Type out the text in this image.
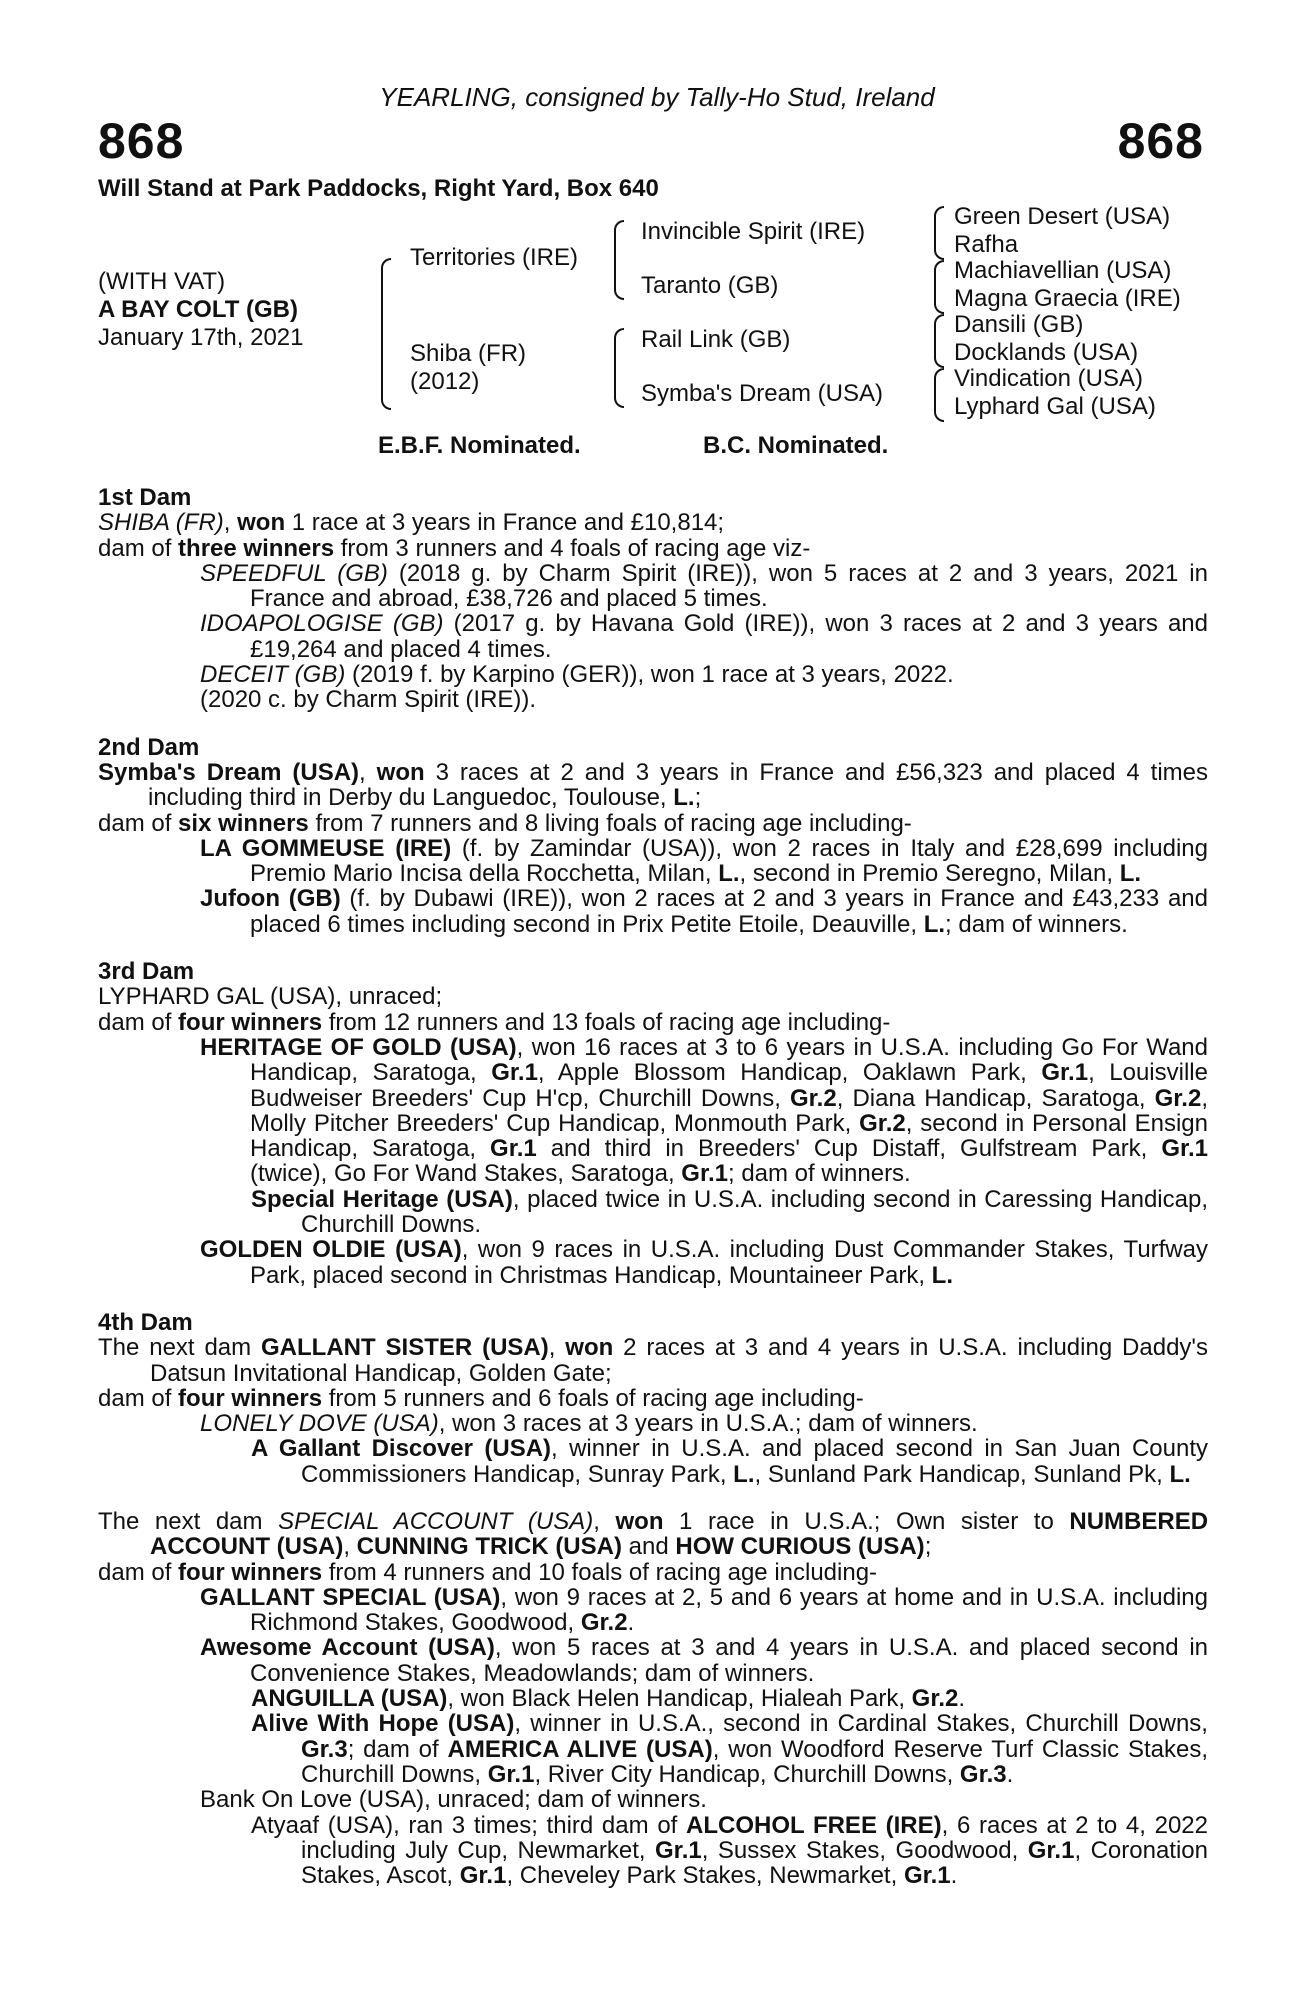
YEARLING, consigned by Tally-Ho Stud, Ireland
868	868
Will Stand at Park Paddocks, Right Yard, Box 640
(WITH VAT)
A BAY COLT (GB)
January 17th, 2021
Territories (IRE)
Shiba (FR)
(2012)
Invincible Spirit (IRE)
Taranto (GB)
Rail Link (GB)
Symba's Dream (USA)
Green Desert (USA)
Rafha
Machiavellian (USA)
Magna Graecia (IRE)
Dansili (GB)
Docklands (USA)
Vindication (USA)
Lyphard Gal (USA)
E.B.F. Nominated.	B.C. Nominated.

1st Dam

SHIBA (FR), won 1 race at 3 years in France and £10,814;

dam of three winners from 3 runners and 4 foals of racing age viz-

SPEEDFUL (GB) (2018 g. by Charm Spirit (IRE)), won 5 races at 2 and 3 years, 2021 in France and abroad, £38,726 and placed 5 times.

IDOAPOLOGISE (GB) (2017 g. by Havana Gold (IRE)), won 3 races at 2 and 3 years and £19,264 and placed 4 times.

DECEIT (GB) (2019 f. by Karpino (GER)), won 1 race at 3 years, 2022.

(2020 c. by Charm Spirit (IRE)).

2nd Dam

Symba's Dream (USA), won 3 races at 2 and 3 years in France and £56,323 and placed 4 times including third in Derby du Languedoc, Toulouse, L.;

dam of six winners from 7 runners and 8 living foals of racing age including-

LA GOMMEUSE (IRE) (f. by Zamindar (USA)), won 2 races in Italy and £28,699 including Premio Mario Incisa della Rocchetta, Milan, L., second in Premio Seregno, Milan, L.

Jufoon (GB) (f. by Dubawi (IRE)), won 2 races at 2 and 3 years in France and £43,233 and placed 6 times including second in Prix Petite Etoile, Deauville, L.; dam of winners.

3rd Dam

LYPHARD GAL (USA), unraced;

dam of four winners from 12 runners and 13 foals of racing age including-

HERITAGE OF GOLD (USA), won 16 races at 3 to 6 years in U.S.A. including Go For Wand Handicap, Saratoga, Gr.1, Apple Blossom Handicap, Oaklawn Park, Gr.1, Louisville Budweiser Breeders' Cup H'cp, Churchill Downs, Gr.2, Diana Handicap, Saratoga, Gr.2, Molly Pitcher Breeders' Cup Handicap, Monmouth Park, Gr.2, second in Personal Ensign Handicap, Saratoga, Gr.1 and third in Breeders' Cup Distaff, Gulfstream Park, Gr.1 (twice), Go For Wand Stakes, Saratoga, Gr.1; dam of winners.

Special Heritage (USA), placed twice in U.S.A. including second in Caressing Handicap, Churchill Downs.

GOLDEN OLDIE (USA), won 9 races in U.S.A. including Dust Commander Stakes, Turfway Park, placed second in Christmas Handicap, Mountaineer Park, L.

4th Dam

The next dam GALLANT SISTER (USA), won 2 races at 3 and 4 years in U.S.A. including Daddy's Datsun Invitational Handicap, Golden Gate;

dam of four winners from 5 runners and 6 foals of racing age including-

LONELY DOVE (USA), won 3 races at 3 years in U.S.A.; dam of winners.

A Gallant Discover (USA), winner in U.S.A. and placed second in San Juan County Commissioners Handicap, Sunray Park, L., Sunland Park Handicap, Sunland Pk, L.

The next dam SPECIAL ACCOUNT (USA), won 1 race in U.S.A.; Own sister to NUMBERED ACCOUNT (USA), CUNNING TRICK (USA) and HOW CURIOUS (USA);

dam of four winners from 4 runners and 10 foals of racing age including-

GALLANT SPECIAL (USA), won 9 races at 2, 5 and 6 years at home and in U.S.A. including Richmond Stakes, Goodwood, Gr.2.

Awesome Account (USA), won 5 races at 3 and 4 years in U.S.A. and placed second in Convenience Stakes, Meadowlands; dam of winners.

ANGUILLA (USA), won Black Helen Handicap, Hialeah Park, Gr.2.

Alive With Hope (USA), winner in U.S.A., second in Cardinal Stakes, Churchill Downs, Gr.3; dam of AMERICA ALIVE (USA), won Woodford Reserve Turf Classic Stakes, Churchill Downs, Gr.1, River City Handicap, Churchill Downs, Gr.3.

Bank On Love (USA), unraced; dam of winners.

Atyaaf (USA), ran 3 times; third dam of ALCOHOL FREE (IRE), 6 races at 2 to 4, 2022 including July Cup, Newmarket, Gr.1, Sussex Stakes, Goodwood, Gr.1, Coronation Stakes, Ascot, Gr.1, Cheveley Park Stakes, Newmarket, Gr.1.
